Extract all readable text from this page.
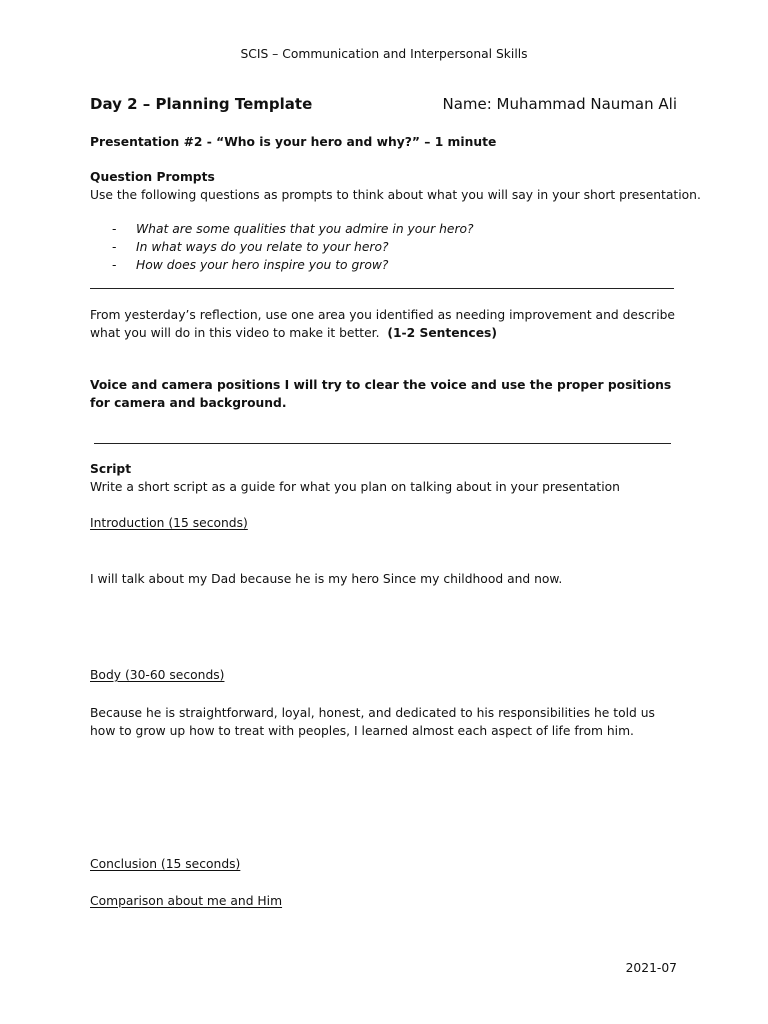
SCIS – Communication and Interpersonal Skills
Day 2 – Planning Template	Name: Muhammad Nauman Ali
Presentation #2 - “Who is your hero and why?” – 1 minute
Question Prompts
Use the following questions as prompts to think about what you will say in your short presentation.
- What are some qualities that you admire in your hero?
- In what ways do you relate to your hero?
- How does your hero inspire you to grow?
From yesterday’s reflection, use one area you identified as needing improvement and describe what you will do in this video to make it better. (1-2 Sentences)
Voice and camera positions I will try to clear the voice and use the proper positions for camera and background.
Script
Write a short script as a guide for what you plan on talking about in your presentation
Introduction (15 seconds)
I will talk about my Dad because he is my hero Since my childhood and now.
Body (30-60 seconds)
Because he is straightforward, loyal, honest, and dedicated to his responsibilities he told us how to grow up how to treat with peoples, I learned almost each aspect of life from him.
Conclusion (15 seconds)
Comparison about me and Him
2021-07
